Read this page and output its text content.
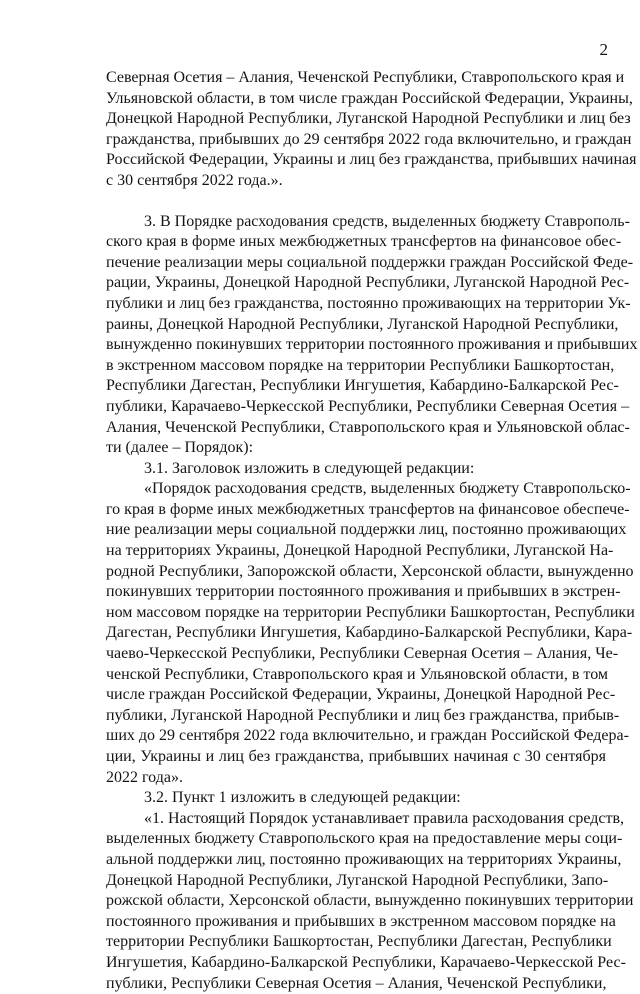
2
Северная Осетия – Алания, Чеченской Республики, Ставропольского края и
Ульяновской области, в том числе граждан Российской Федерации, Украины,
Донецкой Народной Республики, Луганской Народной Республики и лиц без
гражданства, прибывших до 29 сентября 2022 года включительно, и граждан
Российской Федерации, Украины и лиц без гражданства, прибывших начиная
с 30 сентября 2022 года.».
3. В Порядке расходования средств, выделенных бюджету Ставрополь-
ского края в форме иных межбюджетных трансфертов на финансовое обес-
печение реализации меры социальной поддержки граждан Российской Феде-
рации, Украины, Донецкой Народной Республики, Луганской Народной Рес-
публики и лиц без гражданства, постоянно проживающих на территории Ук-
раины, Донецкой Народной Республики, Луганской Народной Республики,
вынужденно покинувших территории постоянного проживания и прибывших
в экстренном массовом порядке на территории Республики Башкортостан,
Республики Дагестан, Республики Ингушетия, Кабардино-Балкарской Рес-
публики, Карачаево-Черкесской Республики, Республики Северная Осетия –
Алания, Чеченской Республики, Ставропольского края и Ульяновской облас-
ти (далее – Порядок):
3.1. Заголовок изложить в следующей редакции:
«Порядок расходования средств, выделенных бюджету Ставропольско-
го края в форме иных межбюджетных трансфертов на финансовое обеспече-
ние реализации меры социальной поддержки лиц, постоянно проживающих
на территориях Украины, Донецкой Народной Республики, Луганской На-
родной Республики, Запорожской области, Херсонской области, вынужденно
покинувших территории постоянного проживания и прибывших в экстрен-
ном массовом порядке на территории Республики Башкортостан, Республики
Дагестан, Республики Ингушетия, Кабардино-Балкарской Республики, Кара-
чаево-Черкесской Республики, Республики Северная Осетия – Алания, Че-
ченской Республики, Ставропольского края и Ульяновской области, в том
числе граждан Российской Федерации, Украины, Донецкой Народной Рес-
публики, Луганской Народной Республики и лиц без гражданства, прибыв-
ших до 29 сентября 2022 года включительно, и граждан Российской Федера-
ции, Украины и лиц без гражданства, прибывших начиная с 30 сентября
2022 года».
3.2. Пункт 1 изложить в следующей редакции:
«1. Настоящий Порядок устанавливает правила расходования средств,
выделенных бюджету Ставропольского края на предоставление меры соци-
альной поддержки лиц, постоянно проживающих на территориях Украины,
Донецкой Народной Республики, Луганской Народной Республики, Запо-
рожской области, Херсонской области, вынужденно покинувших территории
постоянного проживания и прибывших в экстренном массовом порядке на
территории Республики Башкортостан, Республики Дагестан, Республики
Ингушетия, Кабардино-Балкарской Республики, Карачаево-Черкесской Рес-
публики, Республики Северная Осетия – Алания, Чеченской Республики,
